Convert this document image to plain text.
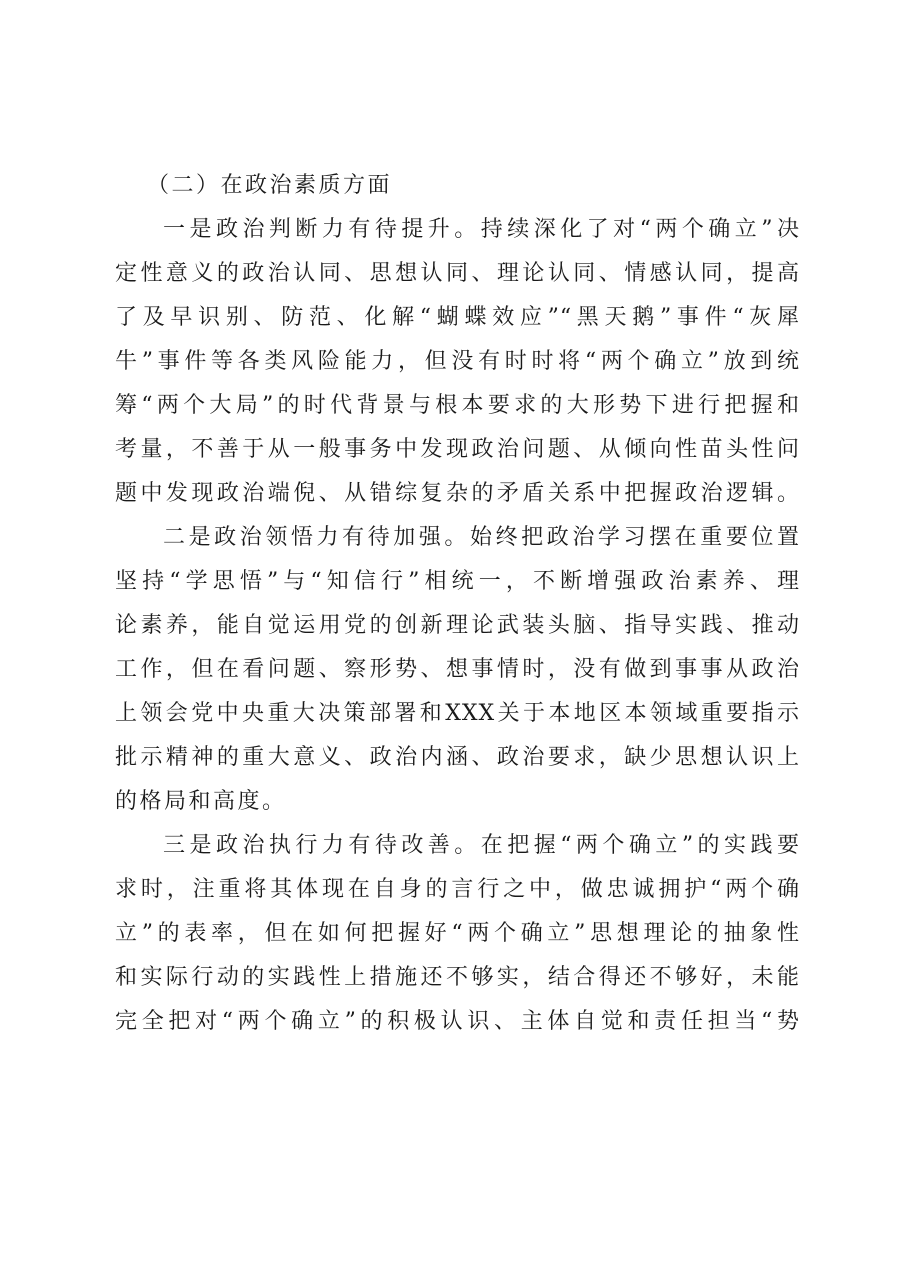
（二）在政治素质方面

一是政治判断力有待提升。持续深化了对“两个确立”决

定性意义的政治认同、思想认同、理论认同、情感认同，提高

了及早识别、防范、化解“蝴蝶效应”“黑天鹅”事件“灰犀

牛”事件等各类风险能力，但没有时时将“两个确立”放到统

筹“两个大局”的时代背景与根本要求的大形势下进行把握和

考量，不善于从一般事务中发现政治问题、从倾向性苗头性问

题中发现政治端倪、从错综复杂的矛盾关系中把握政治逻辑。

二是政治领悟力有待加强。始终把政治学习摆在重要位置

坚持“学思悟”与“知信行”相统一，不断增强政治素养、理

论素养，能自觉运用党的创新理论武装头脑、指导实践、推动

工作，但在看问题、察形势、想事情时，没有做到事事从政治

上领会党中央重大决策部署和XXX关于本地区本领域重要指示

批示精神的重大意义、政治内涵、政治要求，缺少思想认识上

的格局和高度。

三是政治执行力有待改善。在把握“两个确立”的实践要

求时，注重将其体现在自身的言行之中，做忠诚拥护“两个确

立”的表率，但在如何把握好“两个确立”思想理论的抽象性

和实际行动的实践性上措施还不够实，结合得还不够好，未能

完全把对“两个确立”的积极认识、主体自觉和责任担当“势
